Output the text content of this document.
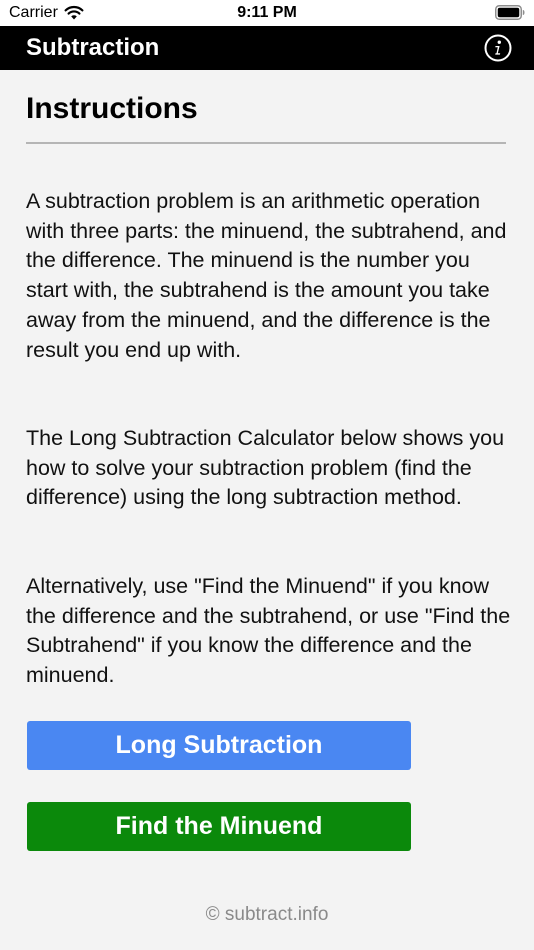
Carrier	9:11 PM
Subtraction
Instructions

A subtraction problem is an arithmetic operation with three parts: the minuend, the subtrahend, and the difference. The minuend is the number you start with, the subtrahend is the amount you take away from the minuend, and the difference is the result you end up with.

The Long Subtraction Calculator below shows you how to solve your subtraction problem (find the difference) using the long subtraction method.

Alternatively, use "Find the Minuend" if you know the difference and the subtrahend, or use "Find the Subtrahend" if you know the difference and the minuend.

Long Subtraction
Find the Minuend
© subtract.info
